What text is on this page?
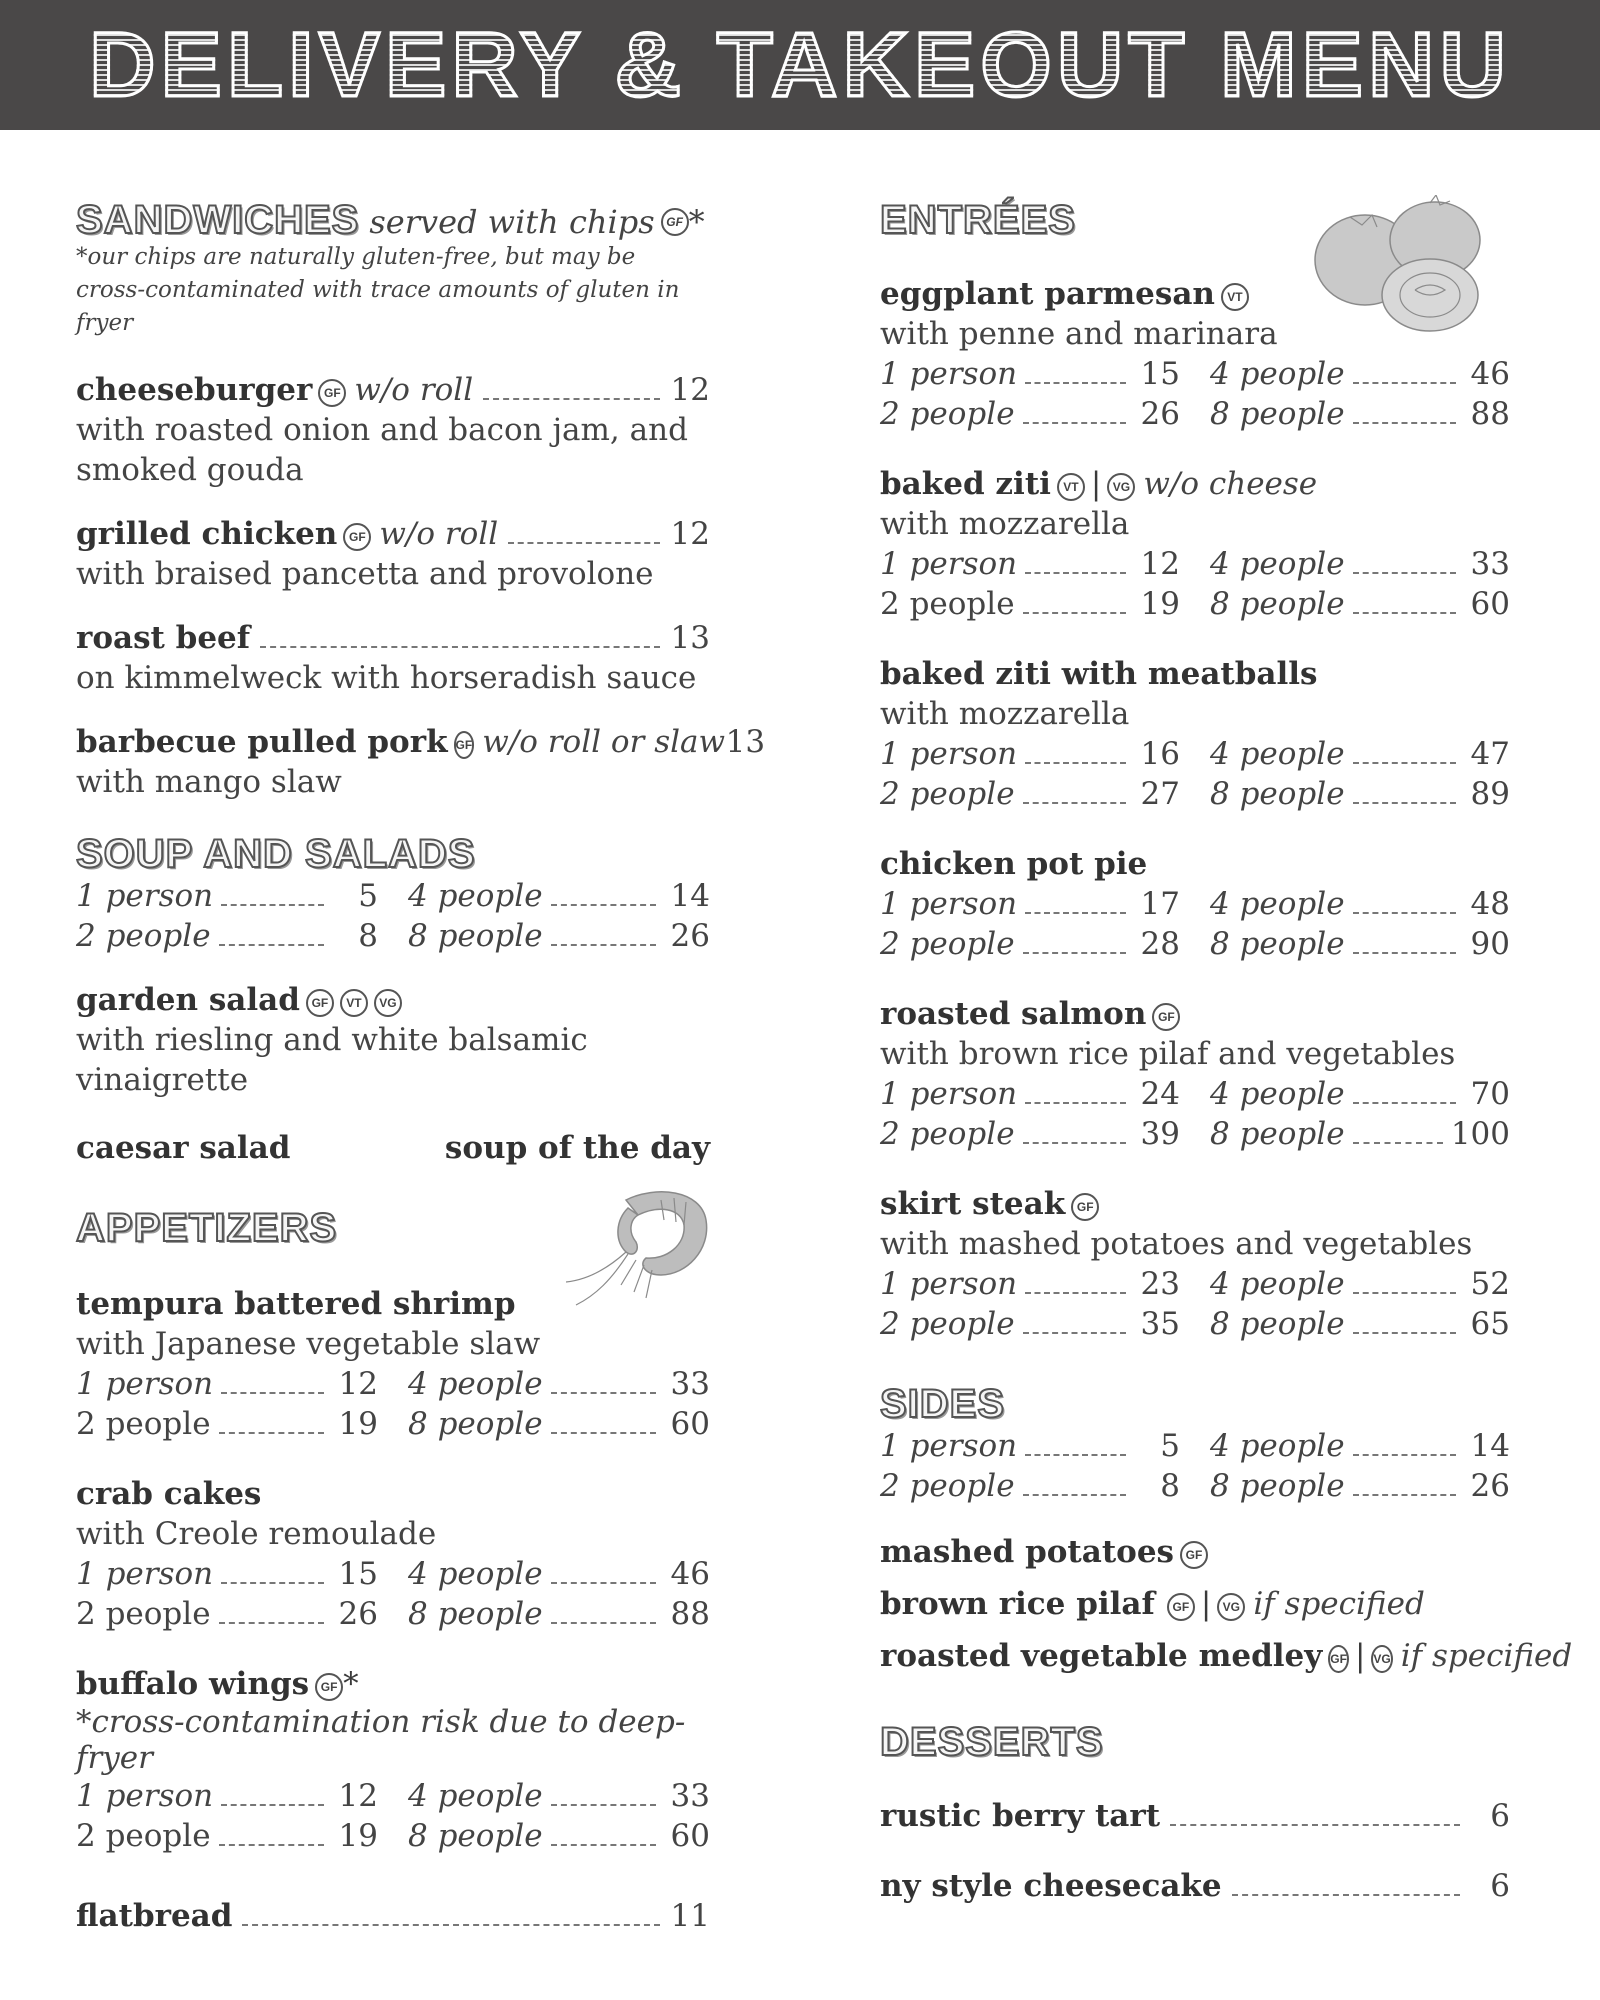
DELIVERY & TAKEOUT MENU
SANDWICHES served with chips GF *
*our chips are naturally gluten-free, but may be
cross-contaminated with trace amounts of gluten in fryer
cheeseburger GF w/o roll	12
with roasted onion and bacon jam, and
smoked gouda
grilled chicken GF w/o roll	12
with braised pancetta and provolone
roast beef	13
on kimmelweck with horseradish sauce
barbecue pulled pork GF w/o roll or slaw 13
with mango slaw
SOUP AND SALADS
1 person	5 4 people	14
2 people	8 8 people	26
garden salad GF	VT	VG
with riesling and white balsamic vinaigrette
caesar salad	soup of the day
APPETIZERS
tempura battered shrimp
with Japanese vegetable slaw
1 person	12 4 people	33
2 people	19 8 people	60
crab cakes
with Creole remoulade
1 person	15 4 people	46
2 people	26 8 people	88
buffalo wings GF *
*cross-contamination risk due to deep-fryer
1 person	12 4 people	33
2 people	19 8 people	60
flatbread	11
ENTRÉES
eggplant parmesan	VT
with penne and marinara
1 person	15 4 people	46
2 people	26 8 people	88
baked ziti	VT | VG w/o cheese
with mozzarella
1 person	12 4 people	33
2 people	19 8 people	60
baked ziti with meatballs
with mozzarella
1 person	16 4 people	47
2 people	27 8 people	89
chicken pot pie
1 person	17 4 people	48
2 people	28 8 people	90
roasted salmon GF
with brown rice pilaf and vegetables
1 person	24 4 people	70
2 people	39 8 people	100
skirt steak GF
with mashed potatoes and vegetables
1 person	23 4 people	52
2 people	35 8 people	65
SIDES
1 person	5 4 people	14
2 people	8 8 people	26
mashed potatoes GF
brown rice pilaf	GF | VG if specified
roasted vegetable medley GF | VG if specified
DESSERTS
rustic berry tart	6
ny style cheesecake	6
